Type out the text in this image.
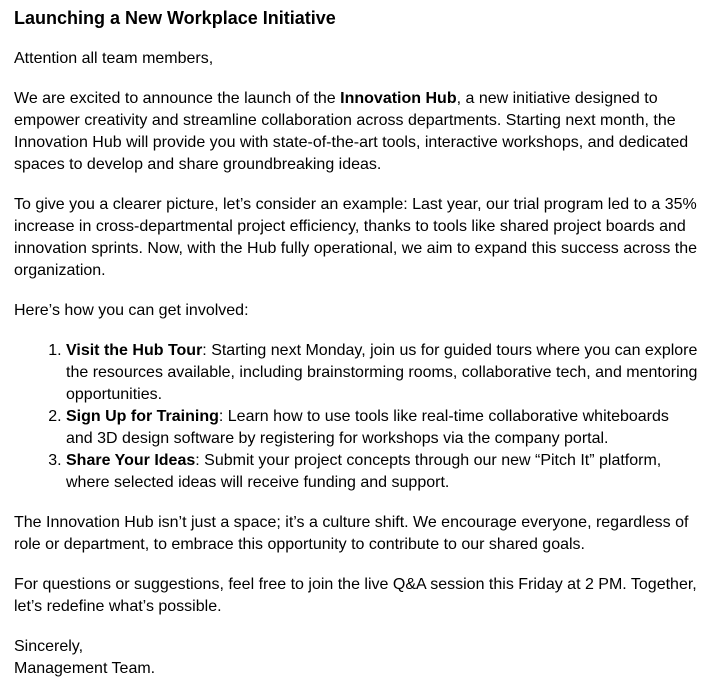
Launching a New Workplace Initiative

Attention all team members,

We are excited to announce the launch of the Innovation Hub, a new initiative designed to empower creativity and streamline collaboration across departments. Starting next month, the Innovation Hub will provide you with state-of-the-art tools, interactive workshops, and dedicated spaces to develop and share groundbreaking ideas.

To give you a clearer picture, let’s consider an example: Last year, our trial program led to a 35% increase in cross-departmental project efficiency, thanks to tools like shared project boards and innovation sprints. Now, with the Hub fully operational, we aim to expand this success across the organization.

Here’s how you can get involved:

1. Visit the Hub Tour: Starting next Monday, join us for guided tours where you can explore the resources available, including brainstorming rooms, collaborative tech, and mentoring opportunities.
2. Sign Up for Training: Learn how to use tools like real-time collaborative whiteboards and 3D design software by registering for workshops via the company portal.
3. Share Your Ideas: Submit your project concepts through our new “Pitch It” platform, where selected ideas will receive funding and support.

The Innovation Hub isn’t just a space; it’s a culture shift. We encourage everyone, regardless of role or department, to embrace this opportunity to contribute to our shared goals.

For questions or suggestions, feel free to join the live Q&A session this Friday at 2 PM. Together, let’s redefine what’s possible.

Sincerely,
Management Team.
